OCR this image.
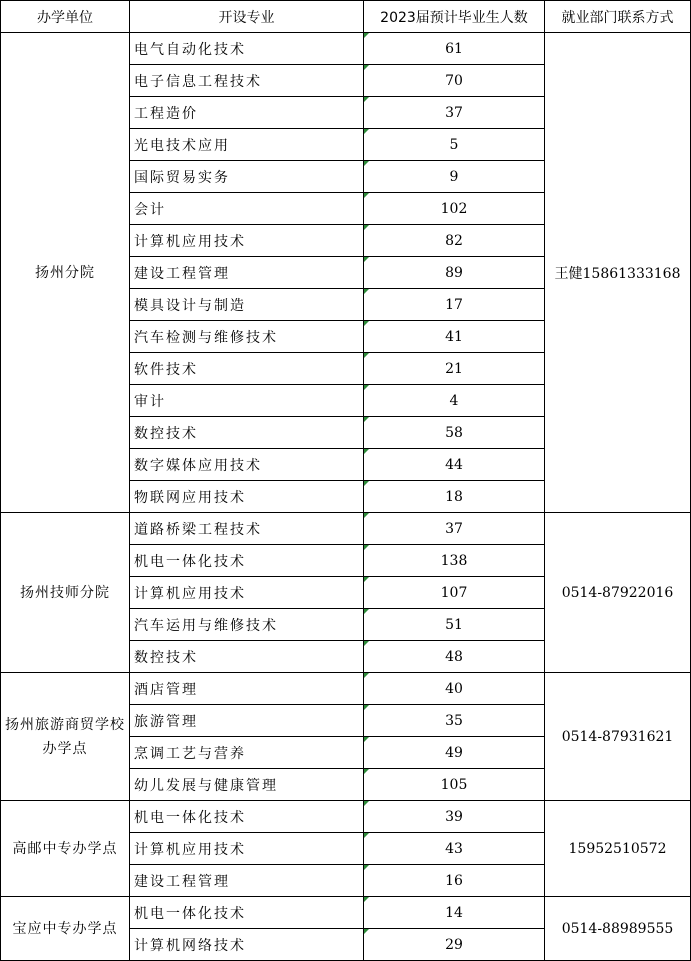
办学单位	开设专业	2023届预计毕业生人数	就业部门联系方式
扬州分院	电气自动化技术	61	王健15861333168
	电子信息工程技术	70	
	工程造价	37	
	光电技术应用	5	
	国际贸易实务	9	
	会计	102	
	计算机应用技术	82	
	建设工程管理	89	
	模具设计与制造	17	
	汽车检测与维修技术	41	
	软件技术	21	
	审计	4	
	数控技术	58	
	数字媒体应用技术	44	
	物联网应用技术	18	
扬州技师分院	道路桥梁工程技术	37	0514-87922016
	机电一体化技术	138	
	计算机应用技术	107	
	汽车运用与维修技术	51	
	数控技术	48	
扬州旅游商贸学校办学点	酒店管理	40	0514-87931621
	旅游管理	35	
	烹调工艺与营养	49	
	幼儿发展与健康管理	105	
高邮中专办学点	机电一体化技术	39	15952510572
	计算机应用技术	43	
	建设工程管理	16	
宝应中专办学点	机电一体化技术	14	0514-88989555
	计算机网络技术	29	
